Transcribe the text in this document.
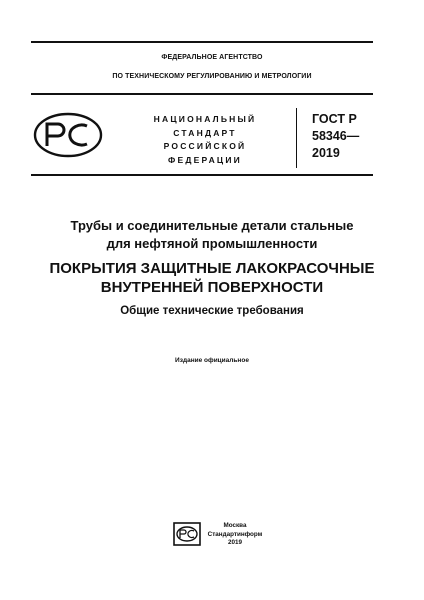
ФЕДЕРАЛЬНОЕ АГЕНТСТВО
ПО ТЕХНИЧЕСКОМУ РЕГУЛИРОВАНИЮ И МЕТРОЛОГИИ
НАЦИОНАЛЬНЫЙ
СТАНДАРТ
РОССИЙСКОЙ
ФЕДЕРАЦИИ
ГОСТ Р
58346—
2019
Трубы и соединительные детали стальные
для нефтяной промышленности
ПОКРЫТИЯ ЗАЩИТНЫЕ ЛАКОКРАСОЧНЫЕ
ВНУТРЕННЕЙ ПОВЕРХНОСТИ
Общие технические требования
Издание официальное
Москва
Стандартинформ
2019
